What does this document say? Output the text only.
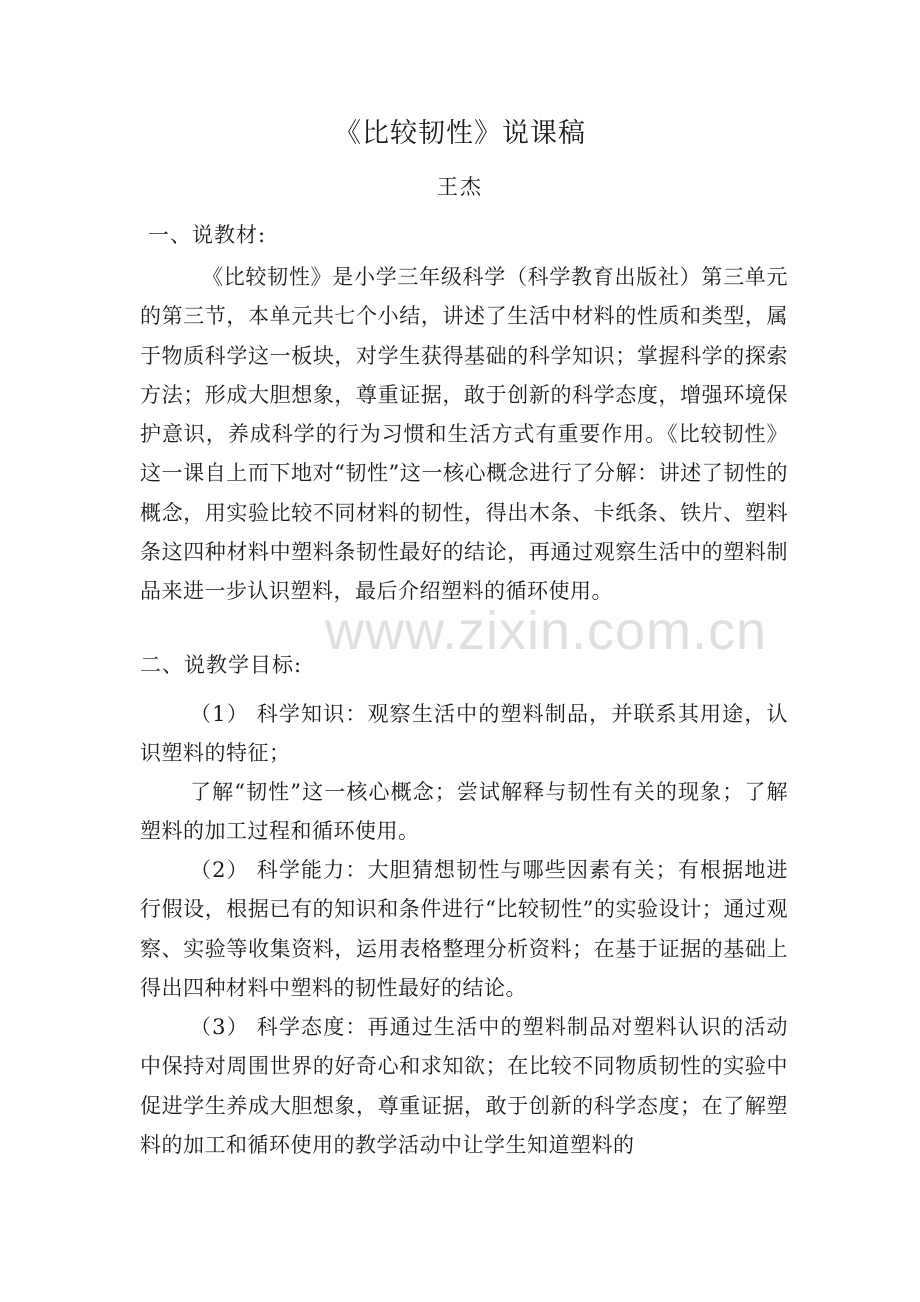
《比较韧性》说课稿
王杰
一、说教材:

《比较韧性》是小学三年级科学（科学教育出版社）第三单元的第三节，本单元共七个小结，讲述了生活中材料的性质和类型，属于物质科学这一板块，对学生获得基础的科学知识；掌握科学的探索方法；形成大胆想象，尊重证据，敢于创新的科学态度，增强环境保护意识，养成科学的行为习惯和生活方式有重要作用。《比较韧性》这一课自上而下地对“韧性”这一核心概念进行了分解：讲述了韧性的概念，用实验比较不同材料的韧性，得出木条、卡纸条、铁片、塑料条这四种材料中塑料条韧性最好的结论，再通过观察生活中的塑料制品来进一步认识塑料，最后介绍塑料的循环使用。

二、说教学目标:

（1） 科学知识：观察生活中的塑料制品，并联系其用途，认识塑料的特征；

了解“韧性”这一核心概念；尝试解释与韧性有关的现象；了解塑料的加工过程和循环使用。

（2） 科学能力：大胆猜想韧性与哪些因素有关；有根据地进行假设，根据已有的知识和条件进行“比较韧性”的实验设计；通过观察、实验等收集资料，运用表格整理分析资料；在基于证据的基础上得出四种材料中塑料的韧性最好的结论。

（3） 科学态度：再通过生活中的塑料制品对塑料认识的活动中保持对周围世界的好奇心和求知欲；在比较不同物质韧性的实验中促进学生养成大胆想象，尊重证据，敢于创新的科学态度；在了解塑料的加工和循环使用的教学活动中让学生知道塑料的

www.zixin.com.cn
